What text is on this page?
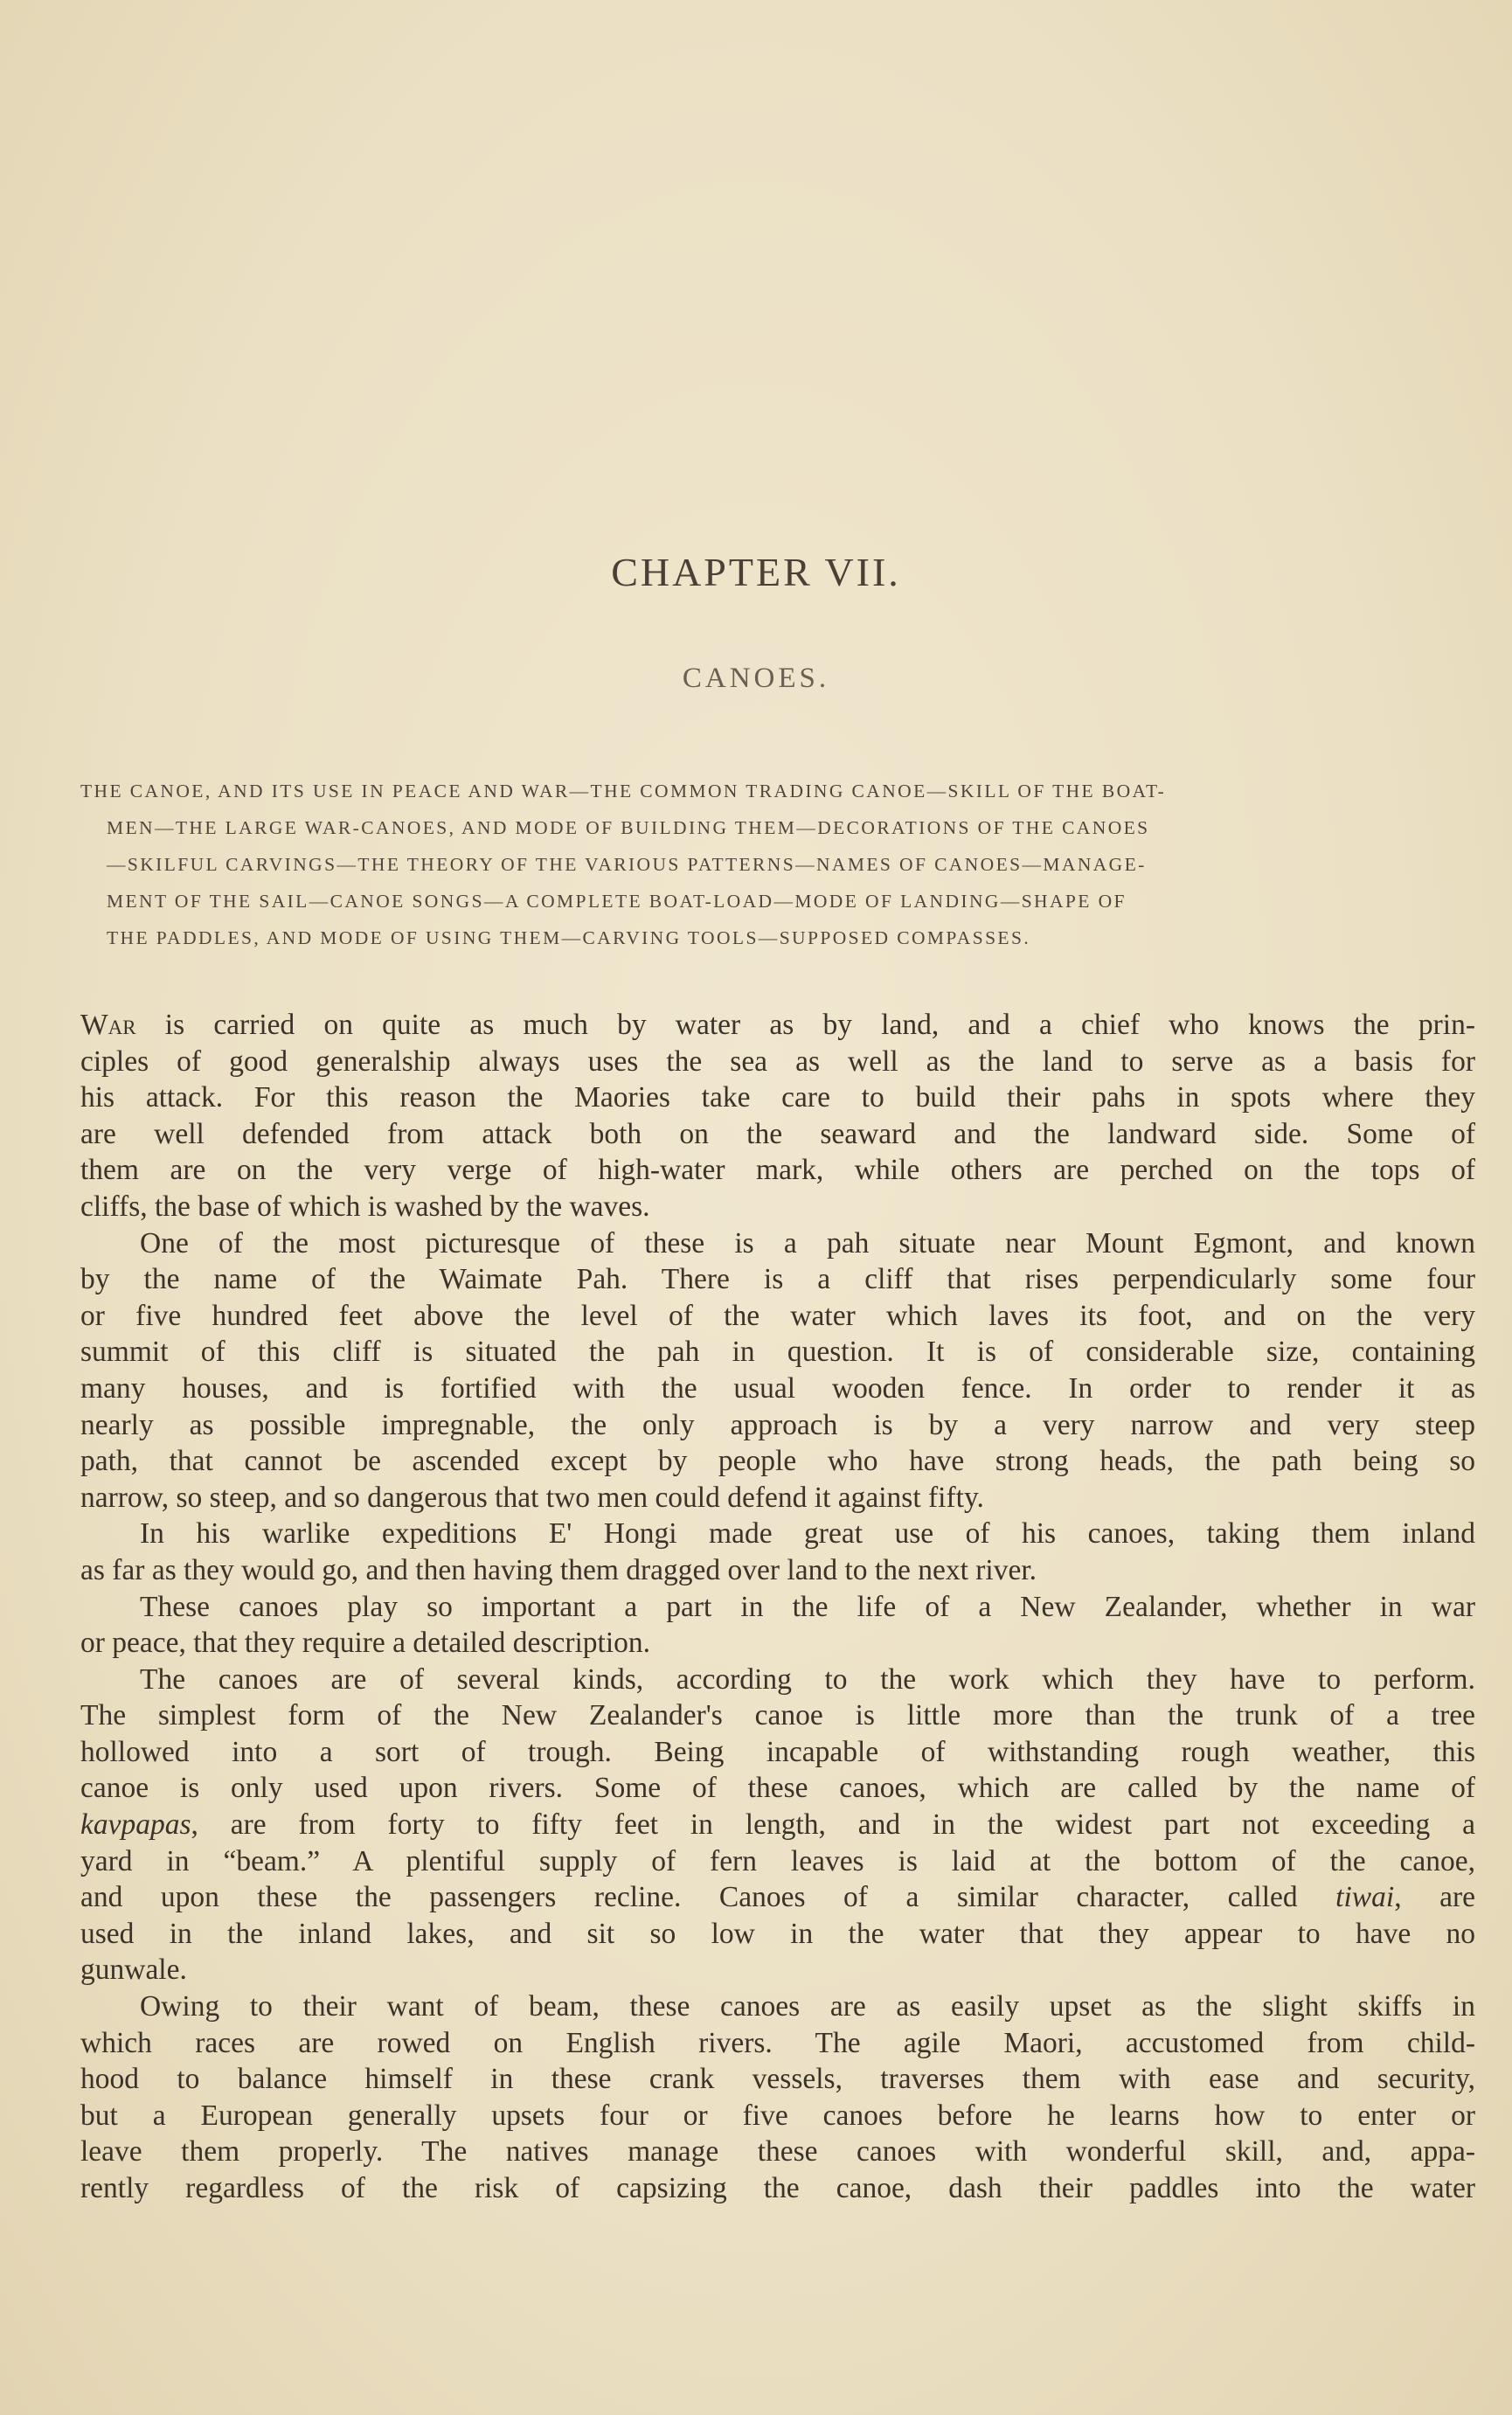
CHAPTER VII.
CANOES.
THE CANOE, AND ITS USE IN PEACE AND WAR—THE COMMON TRADING CANOE—SKILL OF THE BOAT-
MEN—THE LARGE WAR-CANOES, AND MODE OF BUILDING THEM—DECORATIONS OF THE CANOES
—SKILFUL CARVINGS—THE THEORY OF THE VARIOUS PATTERNS—NAMES OF CANOES—MANAGE-
MENT OF THE SAIL—CANOE SONGS—A COMPLETE BOAT-LOAD—MODE OF LANDING—SHAPE OF
THE PADDLES, AND MODE OF USING THEM—CARVING TOOLS—SUPPOSED COMPASSES.
War is carried on quite as much by water as by land, and a chief who knows the prin-
ciples of good generalship always uses the sea as well as the land to serve as a basis for
his attack. For this reason the Maories take care to build their pahs in spots where they
are well defended from attack both on the seaward and the landward side. Some of
them are on the very verge of high-water mark, while others are perched on the tops of
cliffs, the base of which is washed by the waves.
One of the most picturesque of these is a pah situate near Mount Egmont, and known
by the name of the Waimate Pah. There is a cliff that rises perpendicularly some four
or five hundred feet above the level of the water which laves its foot, and on the very
summit of this cliff is situated the pah in question. It is of considerable size, containing
many houses, and is fortified with the usual wooden fence. In order to render it as
nearly as possible impregnable, the only approach is by a very narrow and very steep
path, that cannot be ascended except by people who have strong heads, the path being so
narrow, so steep, and so dangerous that two men could defend it against fifty.
In his warlike expeditions E' Hongi made great use of his canoes, taking them inland
as far as they would go, and then having them dragged over land to the next river.
These canoes play so important a part in the life of a New Zealander, whether in war
or peace, that they require a detailed description.
The canoes are of several kinds, according to the work which they have to perform.
The simplest form of the New Zealander's canoe is little more than the trunk of a tree
hollowed into a sort of trough. Being incapable of withstanding rough weather, this
canoe is only used upon rivers. Some of these canoes, which are called by the name of
kavpapas, are from forty to fifty feet in length, and in the widest part not exceeding a
yard in “beam.” A plentiful supply of fern leaves is laid at the bottom of the canoe,
and upon these the passengers recline. Canoes of a similar character, called tiwai, are
used in the inland lakes, and sit so low in the water that they appear to have no
gunwale.
Owing to their want of beam, these canoes are as easily upset as the slight skiffs in
which races are rowed on English rivers. The agile Maori, accustomed from child-
hood to balance himself in these crank vessels, traverses them with ease and security,
but a European generally upsets four or five canoes before he learns how to enter or
leave them properly. The natives manage these canoes with wonderful skill, and, appa-
rently regardless of the risk of capsizing the canoe, dash their paddles into the water
